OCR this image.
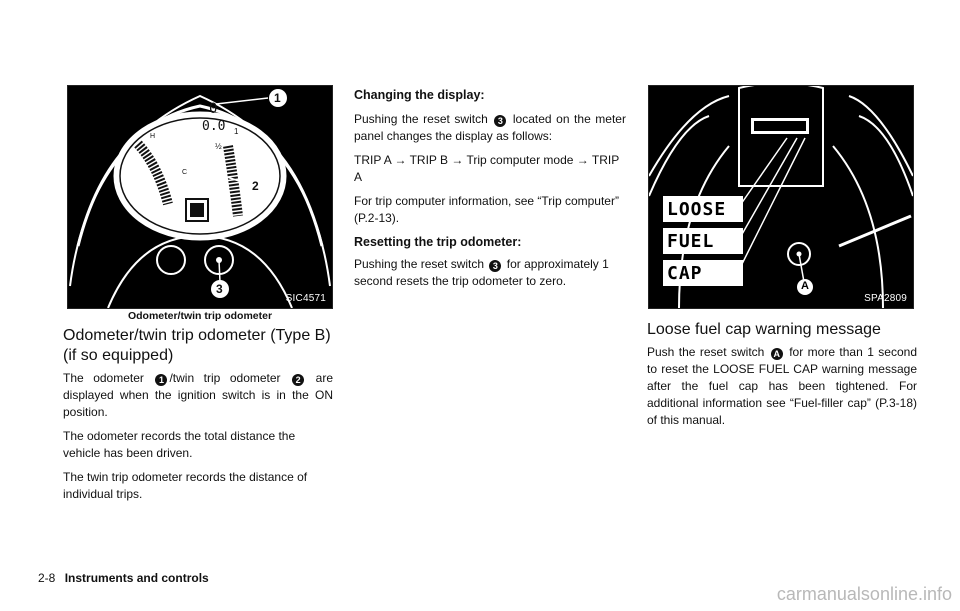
0
0.0
H
C
½
1
1
2
3
SIC4571
Odometer/twin trip odometer
Odometer/twin trip odometer (Type B) (if so equipped)

The odometer 1 /twin trip odometer 2 are displayed when the ignition switch is in the ON position.

The odometer records the total distance the vehicle has been driven.

The twin trip odometer records the distance of individual trips.

Changing the display:

Pushing the reset switch 3 located on the meter panel changes the display as follows:

TRIP A → TRIP B → Trip computer mode → TRIP A

For trip computer information, see “Trip computer” (P.2-13).

Resetting the trip odometer:

Pushing the reset switch 3 for approximately 1 second resets the trip odometer to zero.

LOOSE
FUEL
CAP
A
SPA2809
Loose fuel cap warning message

Push the reset switch A for more than 1 second to reset the LOOSE FUEL CAP warning message after the fuel cap has been tightened. For additional information see “Fuel-filler cap” (P.3-18) of this manual.

2-8 Instruments and controls
carmanualsonline.info
